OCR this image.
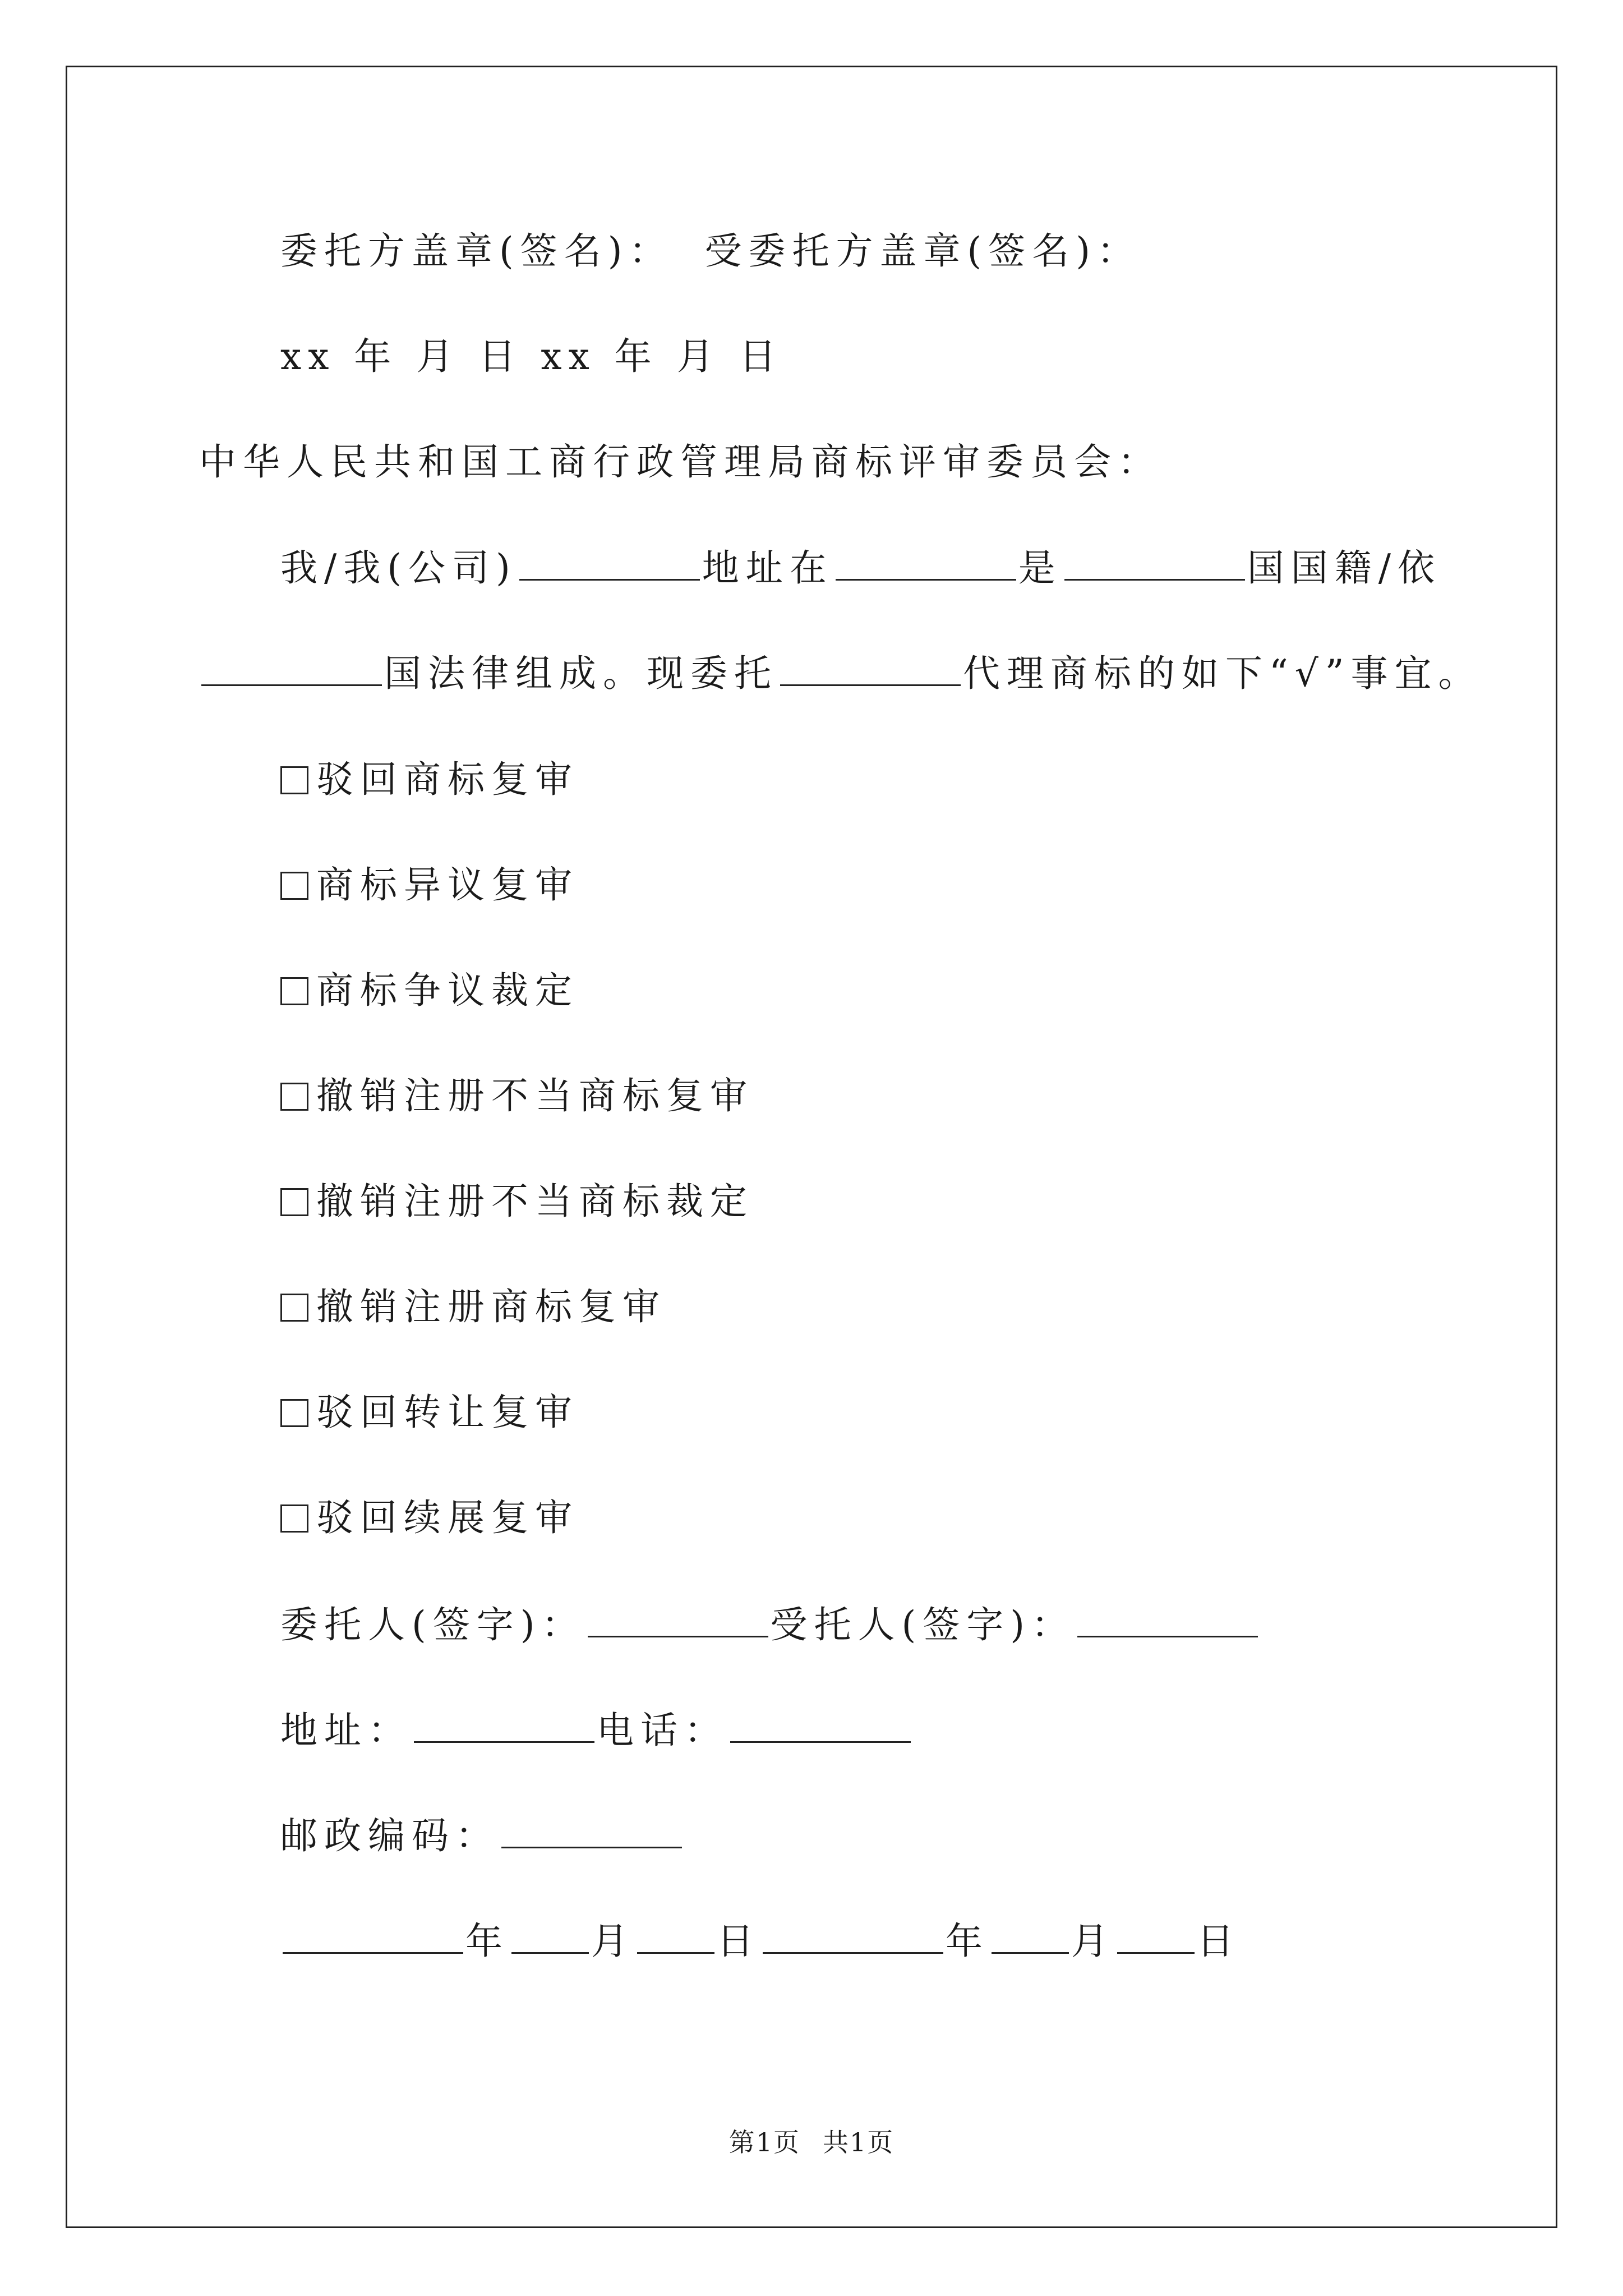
委托方盖章(签名)： 受委托方盖章(签名)：
xx 年 月 日 xx 年 月 日
中华人民共和国工商行政管理局商标评审委员会：
我/我(公司)	地址在	是	国国籍/依
国法律组成。现委托	代理商标的如下“√”事宜。
驳回商标复审
商标异议复审
商标争议裁定
撤销注册不当商标复审
撤销注册不当商标裁定
撤销注册商标复审
驳回转让复审
驳回续展复审
委托人(签字)：	受托人(签字)：
地址：	电话：
邮政编码：
年 月 日	年 月 日
第1页 共1页
